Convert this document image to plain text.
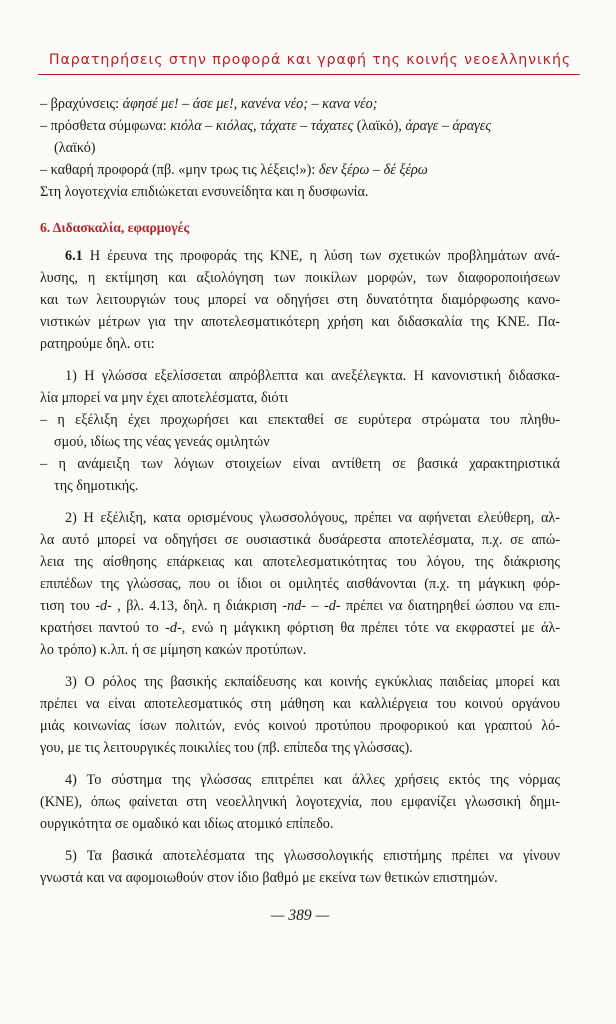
Παρατηρήσεις στην προφορά και γραφή της κοινής νεοελληνικής
– βραχύνσεις: άφησέ με! – άσε με!, κανένα νέο; – κανα νέο;
– πρόσθετα σύμφωνα: κιόλα – κιόλας, τάχατε – τάχατες (λαϊκό), άραγε – άραγες
(λαϊκό)
– καθαρή προφορά (πβ. «μην τρως τις λέξεις!»): δεν ξέρω – δέ ξέρω
Στη λογοτεχνία επιδιώκεται ενσυνείδητα και η δυσφωνία.
6. Διδασκαλία, εφαρμογές
6.1 Η έρευνα της προφοράς της ΚΝΕ, η λύση των σχετικών προβλημάτων ανά-
λυσης, η εκτίμηση και αξιολόγηση των ποικίλων μορφών, των διαφοροποιήσεων
και των λειτουργιών τους μπορεί να οδηγήσει στη δυνατότητα διαμόρφωσης κανο-
νιστικών μέτρων για την αποτελεσματικότερη χρήση και διδασκαλία της ΚΝΕ. Πα-
ρατηρούμε δηλ. οτι:
1) Η γλώσσα εξελίσσεται απρόβλεπτα και ανεξέλεγκτα. Η κανονιστική διδασκα-
λία μπορεί να μην έχει αποτελέσματα, διότι
– η εξέλιξη έχει προχωρήσει και επεκταθεί σε ευρύτερα στρώματα του πληθυ-
σμού, ιδίως της νέας γενεάς ομιλητών
– η ανάμειξη των λόγιων στοιχείων είναι αντίθετη σε βασικά χαρακτηριστικά
της δημοτικής.
2) Η εξέλιξη, κατα ορισμένους γλωσσολόγους, πρέπει να αφήνεται ελεύθερη, αλ-
λα αυτό μπορεί να οδηγήσει σε ουσιαστικά δυσάρεστα αποτελέσματα, π.χ. σε απώ-
λεια της αίσθησης επάρκειας και αποτελεσματικότητας του λόγου, της διάκρισης
επιπέδων της γλώσσας, που οι ίδιοι οι ομιλητές αισθάνονται (π.χ. τη μάγκικη φόρ-
τιση του -d- , βλ. 4.13, δηλ. η διάκριση -nd- – -d- πρέπει να διατηρηθεί ώσπου να επι-
κρατήσει παντού το -d-, ενώ η μάγκικη φόρτιση θα πρέπει τότε να εκφραστεί με άλ-
λο τρόπο) κ.λπ. ή σε μίμηση κακών προτύπων.
3) Ο ρόλος της βασικής εκπαίδευσης και κοινής εγκύκλιας παιδείας μπορεί και
πρέπει να είναι αποτελεσματικός στη μάθηση και καλλιέργεια του κοινού οργάνου
μιάς κοινωνίας ίσων πολιτών, ενός κοινού προτύπου προφορικού και γραπτού λό-
γου, με τις λειτουργικές ποικιλίες του (πβ. επίπεδα της γλώσσας).
4) Το σύστημα της γλώσσας επιτρέπει και άλλες χρήσεις εκτός της νόρμας
(ΚΝΕ), όπως φαίνεται στη νεοελληνική λογοτεχνία, που εμφανίζει γλωσσική δημι-
ουργικότητα σε ομαδικό και ιδίως ατομικό επίπεδο.
5) Τα βασικά αποτελέσματα της γλωσσολογικής επιστήμης πρέπει να γίνουν
γνωστά και να αφομοιωθούν στον ίδιο βαθμό με εκείνα των θετικών επιστημών.
— 389 —
